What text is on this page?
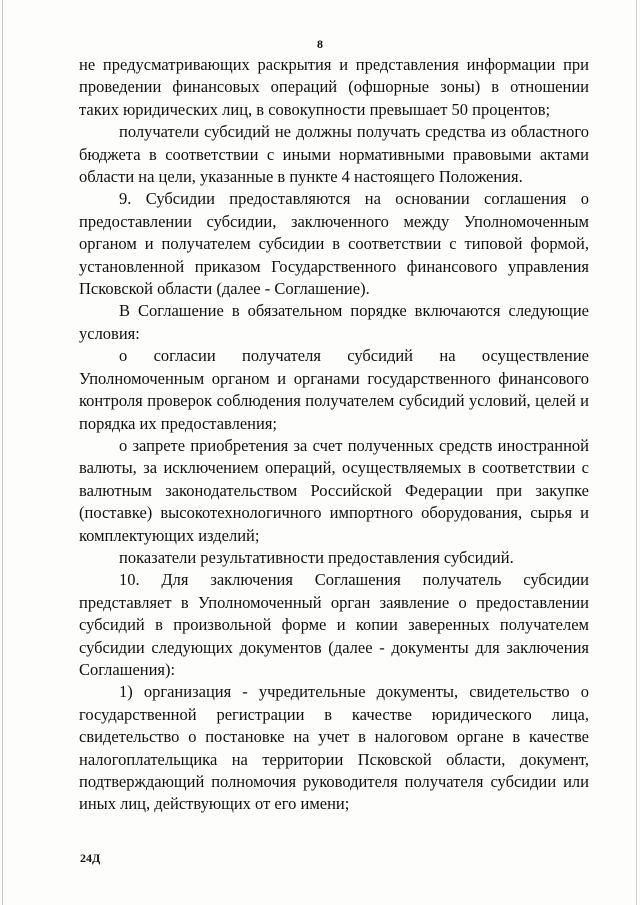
8

не предусматривающих раскрытия и представления информации при проведении финансовых операций (офшорные зоны) в отношении таких юридических лиц, в совокупности превышает 50 процентов;

получатели субсидий не должны получать средства из областного бюджета в соответствии с иными нормативными правовыми актами области на цели, указанные в пункте 4 настоящего Положения.

9. Субсидии предоставляются на основании соглашения о предоставлении субсидии, заключенного между Уполномоченным органом и получателем субсидии в соответствии с типовой формой, установленной приказом Государственного финансового управления Псковской области (далее - Соглашение).

В Соглашение в обязательном порядке включаются следующие условия:

о согласии получателя субсидий на осуществление Уполномоченным органом и органами государственного финансового контроля проверок соблюдения получателем субсидий условий, целей и порядка их предоставления;

о запрете приобретения за счет полученных средств иностранной валюты, за исключением операций, осуществляемых в соответствии с валютным законодательством Российской Федерации при закупке (поставке) высокотехнологичного импортного оборудования, сырья и комплектующих изделий;

показатели результативности предоставления субсидий.

10. Для заключения Соглашения получатель субсидии представляет в Уполномоченный орган заявление о предоставлении субсидий в произвольной форме и копии заверенных получателем субсидии следующих документов (далее - документы для заключения Соглашения):

1) организация - учредительные документы, свидетельство о государственной регистрации в качестве юридического лица, свидетельство о постановке на учет в налоговом органе в качестве налогоплательщика на территории Псковской области, документ, подтверждающий полномочия руководителя получателя субсидии или иных лиц, действующих от его имени;

24Д
